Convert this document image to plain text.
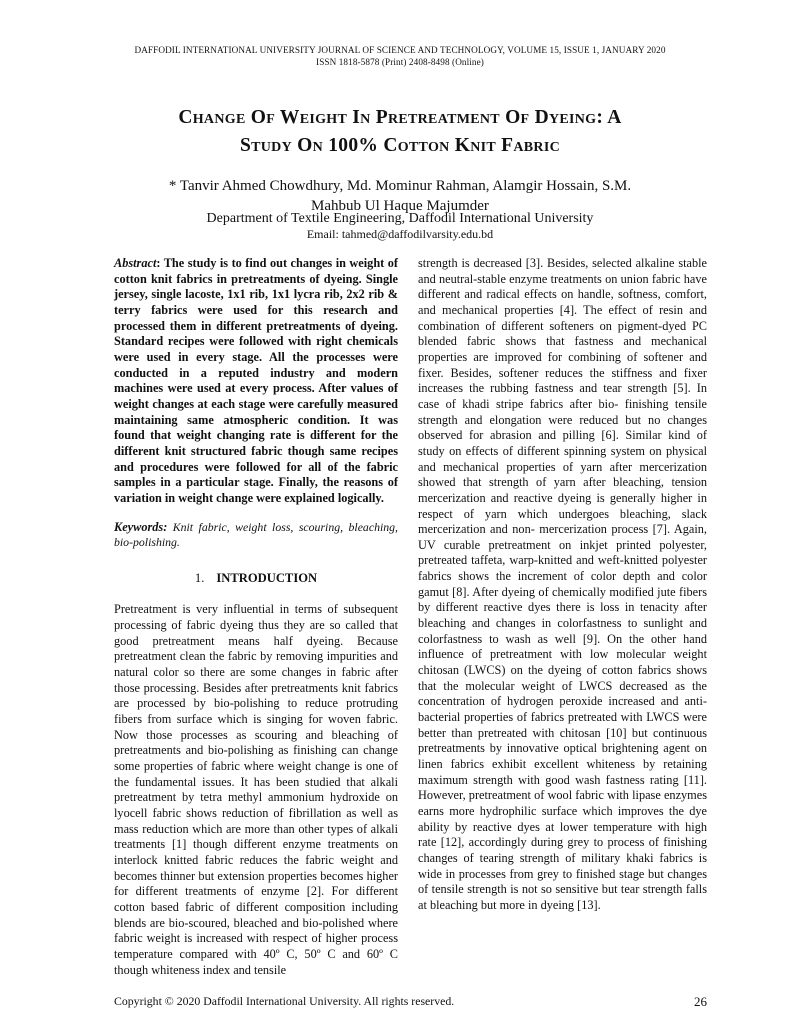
DAFFODIL INTERNATIONAL UNIVERSITY JOURNAL OF SCIENCE AND TECHNOLOGY, VOLUME 15, ISSUE 1, JANUARY 2020
ISSN 1818-5878 (Print) 2408-8498 (Online)
Change Of Weight In Pretreatment Of Dyeing: A
Study On 100% Cotton Knit Fabric
* Tanvir Ahmed Chowdhury, Md. Mominur Rahman, Alamgir Hossain, S.M.
Mahbub Ul Haque Majumder
Department of Textile Engineering, Daffodil International University
Email: tahmed@daffodilvarsity.edu.bd

Abstract: The study is to find out changes in weight of cotton knit fabrics in pretreatments of dyeing. Single jersey, single lacoste, 1x1 rib, 1x1 lycra rib, 2x2 rib & terry fabrics were used for this research and processed them in different pretreatments of dyeing. Standard recipes were followed with right chemicals were used in every stage. All the processes were conducted in a reputed industry and modern machines were used at every process. After values of weight changes at each stage were carefully measured maintaining same atmospheric condition. It was found that weight changing rate is different for the different knit structured fabric though same recipes and procedures were followed for all of the fabric samples in a particular stage. Finally, the reasons of variation in weight change were explained logically.

Keywords: Knit fabric, weight loss, scouring, bleaching, bio-polishing.

1. INTRODUCTION

Pretreatment is very influential in terms of subsequent processing of fabric dyeing thus they are so called that good pretreatment means half dyeing. Because pretreatment clean the fabric by removing impurities and natural color so there are some changes in fabric after those processing. Besides after pretreatments knit fabrics are processed by bio-polishing to reduce protruding fibers from surface which is singing for woven fabric. Now those processes as scouring and bleaching of pretreatments and bio-polishing as finishing can change some properties of fabric where weight change is one of the fundamental issues. It has been studied that alkali pretreatment by tetra methyl ammonium hydroxide on lyocell fabric shows reduction of fibrillation as well as mass reduction which are more than other types of alkali treatments [1] though different enzyme treatments on interlock knitted fabric reduces the fabric weight and becomes thinner but extension properties becomes higher for different treatments of enzyme [2]. For different cotton based fabric of different composition including blends are bio-scoured, bleached and bio-polished where fabric weight is increased with respect of higher process temperature compared with 40º C, 50º C and 60º C though whiteness index and tensile

strength is decreased [3]. Besides, selected alkaline stable and neutral-stable enzyme treatments on union fabric have different and radical effects on handle, softness, comfort, and mechanical properties [4]. The effect of resin and combination of different softeners on pigment-dyed PC blended fabric shows that fastness and mechanical properties are improved for combining of softener and fixer. Besides, softener reduces the stiffness and fixer increases the rubbing fastness and tear strength [5]. In case of khadi stripe fabrics after bio- finishing tensile strength and elongation were reduced but no changes observed for abrasion and pilling [6]. Similar kind of study on effects of different spinning system on physical and mechanical properties of yarn after mercerization showed that strength of yarn after bleaching, tension mercerization and reactive dyeing is generally higher in respect of yarn which undergoes bleaching, slack mercerization and non- mercerization process [7]. Again, UV curable pretreatment on inkjet printed polyester, pretreated taffeta, warp-knitted and weft-knitted polyester fabrics shows the increment of color depth and color gamut [8]. After dyeing of chemically modified jute fibers by different reactive dyes there is loss in tenacity after bleaching and changes in colorfastness to sunlight and colorfastness to wash as well [9]. On the other hand influence of pretreatment with low molecular weight chitosan (LWCS) on the dyeing of cotton fabrics shows that the molecular weight of LWCS decreased as the concentration of hydrogen peroxide increased and anti-bacterial properties of fabrics pretreated with LWCS were better than pretreated with chitosan [10] but continuous pretreatments by innovative optical brightening agent on linen fabrics exhibit excellent whiteness by retaining maximum strength with good wash fastness rating [11]. However, pretreatment of wool fabric with lipase enzymes earns more hydrophilic surface which improves the dye ability by reactive dyes at lower temperature with high rate [12], accordingly during grey to process of finishing changes of tearing strength of military khaki fabrics is wide in processes from grey to finished stage but changes of tensile strength is not so sensitive but tear strength falls at bleaching but more in dyeing [13].

Copyright © 2020 Daffodil International University. All rights reserved.	26
